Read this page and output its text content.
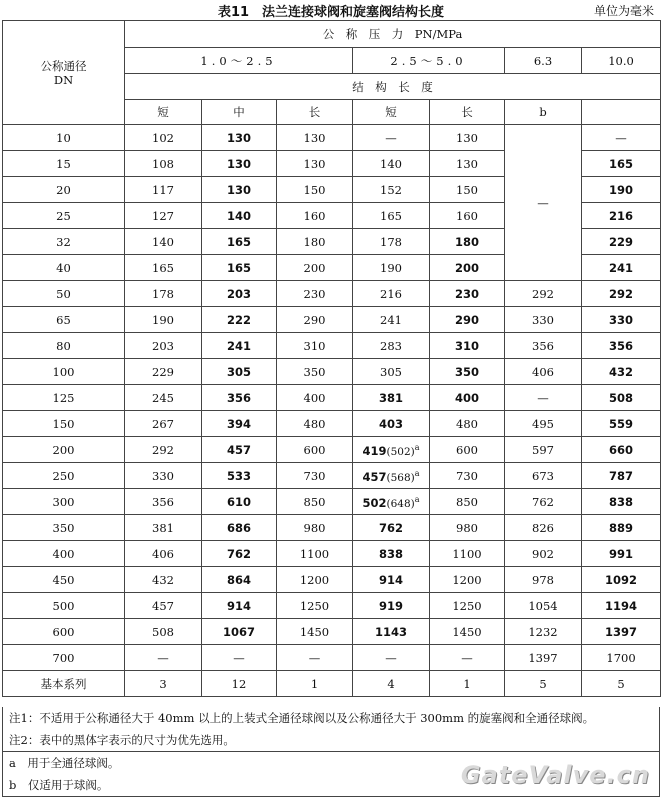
表11　法兰连接球阀和旋塞阀结构长度	单位为毫米
公称通径
DN	公　称　压　力　PN/MPa						
	1.0～2.5			2.5～5.0		6.3	10.0
	结　构　长　度						
	短	中	长	短	长	b	
10	102	130	130	—	130	—	—
15	108	130	130	140	130		165
20	117	130	150	152	150		190
25	127	140	160	165	160		216
32	140	165	180	178	180		229
40	165	165	200	190	200		241
50	178	203	230	216	230	292	292
65	190	222	290	241	290	330	330
80	203	241	310	283	310	356	356
100	229	305	350	305	350	406	432
125	245	356	400	381	400	—	508
150	267	394	480	403	480	495	559
200	292	457	600	$419(502)^a$	600	597	660
250	330	533	730	$457(568)^a$	730	673	787
300	356	610	850	$502(648)^a$	850	762	838
350	381	686	980	762	980	826	889
400	406	762	1100	838	1100	902	991
450	432	864	1200	914	1200	978	1092
500	457	914	1250	919	1250	1054	1194
600	508	1067	1450	1143	1450	1232	1397
700	—	—	—	—	—	1397	1700
基本系列	3	12	1	4	1	5	5
注1：不适用于公称通径大于 40mm 以上的上装式全通径球阀以及公称通径大于 300mm 的旋塞阀和全通径球阀。
注2：表中的黑体字表示的尺寸为优先选用。
a　用于全通径球阀。
b　仅适用于球阀。	GateValve.cn
